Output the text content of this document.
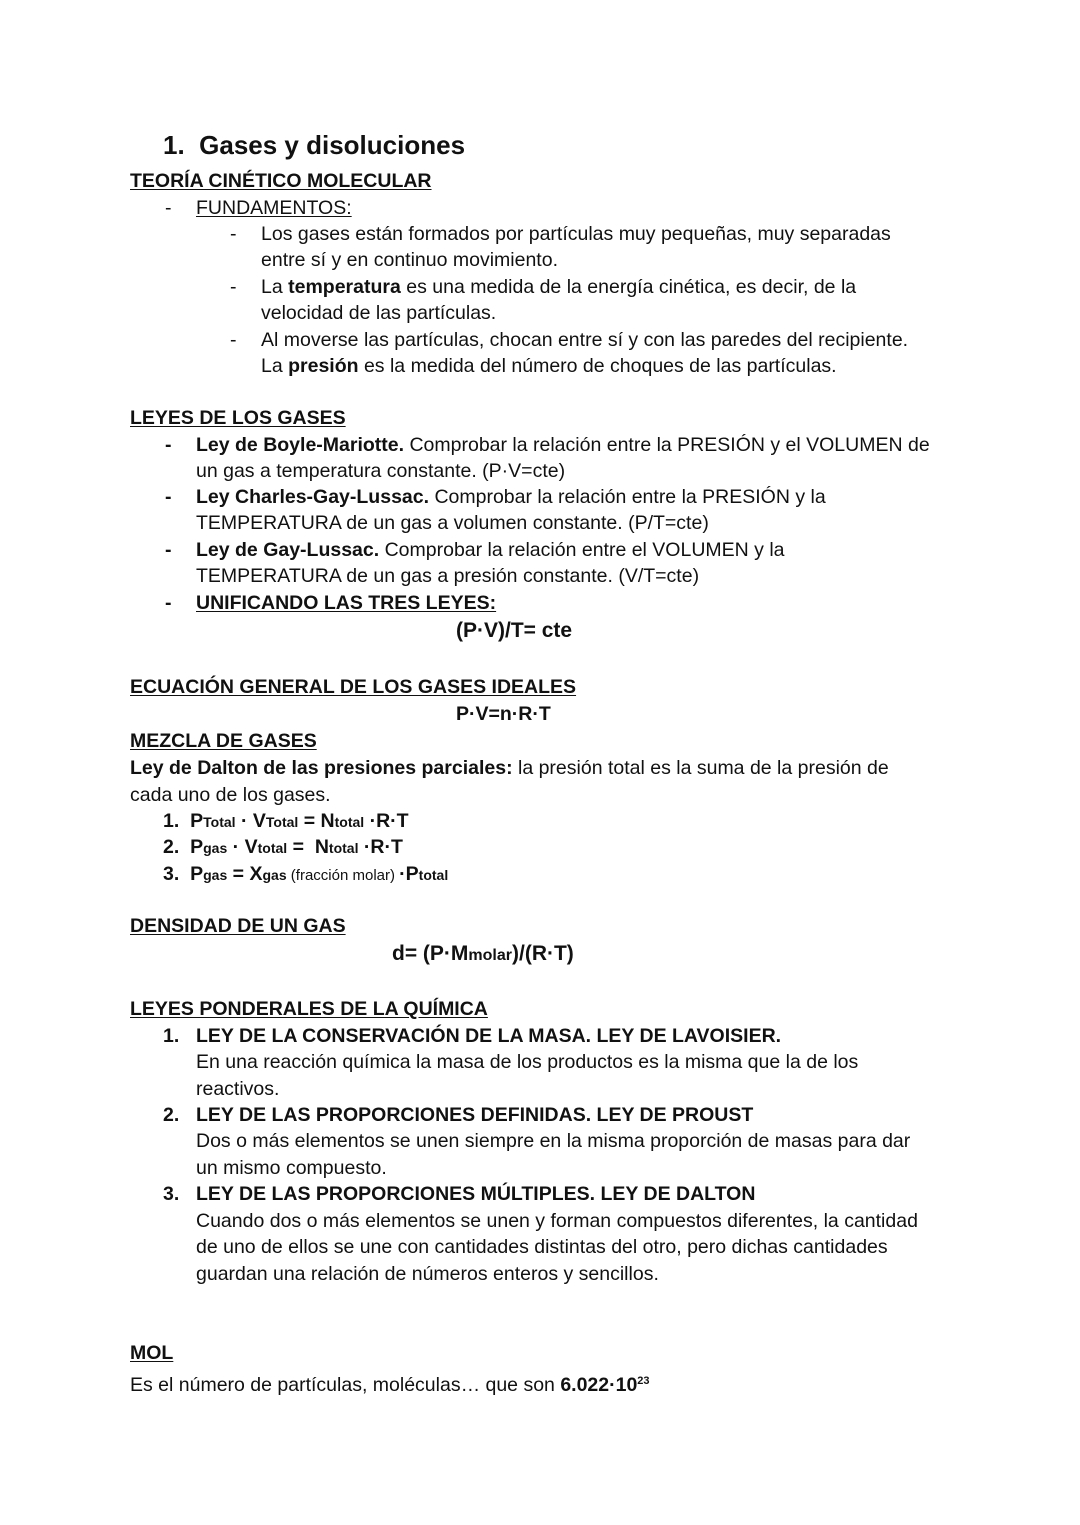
1. Gases y disoluciones
TEORÍA CINÉTICO MOLECULAR
- FUNDAMENTOS:
- Los gases están formados por partículas muy pequeñas, muy separadas
entre sí y en continuo movimiento.
- La temperatura es una medida de la energía cinética, es decir, de la
velocidad de las partículas.
- Al moverse las partículas, chocan entre sí y con las paredes del recipiente.
La presión es la medida del número de choques de las partículas.
LEYES DE LOS GASES
- Ley de Boyle-Mariotte. Comprobar la relación entre la PRESIÓN y el VOLUMEN de
un gas a temperatura constante. (P·V=cte)
- Ley Charles-Gay-Lussac. Comprobar la relación entre la PRESIÓN y la
TEMPERATURA de un gas a volumen constante. (P/T=cte)
- Ley de Gay-Lussac. Comprobar la relación entre el VOLUMEN y la
TEMPERATURA de un gas a presión constante. (V/T=cte)
- UNIFICANDO LAS TRES LEYES:
(P·V)/T= cte
ECUACIÓN GENERAL DE LOS GASES IDEALES
P·V=n·R·T
MEZCLA DE GASES
Ley de Dalton de las presiones parciales: la presión total es la suma de la presión de
cada uno de los gases.
1. PTotal · VTotal = Ntotal ·R·T
2. Pgas · Vtotal =  Ntotal ·R·T
3. Pgas = Xgas (fracción molar) ·Ptotal
DENSIDAD DE UN GAS
d= (P·Mmolar)/(R·T)
LEYES PONDERALES DE LA QUÍMICA
1. LEY DE LA CONSERVACIÓN DE LA MASA. LEY DE LAVOISIER.
En una reacción química la masa de los productos es la misma que la de los
reactivos.
2. LEY DE LAS PROPORCIONES DEFINIDAS. LEY DE PROUST
Dos o más elementos se unen siempre en la misma proporción de masas para dar
un mismo compuesto.
3. LEY DE LAS PROPORCIONES MÚLTIPLES. LEY DE DALTON
Cuando dos o más elementos se unen y forman compuestos diferentes, la cantidad
de uno de ellos se une con cantidades distintas del otro, pero dichas cantidades
guardan una relación de números enteros y sencillos.
MOL
Es el número de partículas, moléculas… que son $6.022\cdot 10^{23}$
